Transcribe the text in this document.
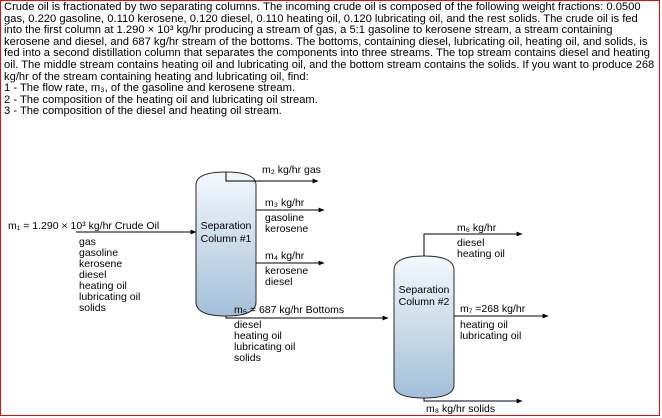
Crude oil is fractionated by two separating columns. The incoming crude oil is composed of the following weight fractions: 0.0500 gas, 0.220 gasoline, 0.110 kerosene, 0.120 diesel, 0.110 heating oil, 0.120 lubricating oil, and the rest solids. The crude oil is fed into the first column at 1.290 × 10³ kg/hr producing a stream of gas, a 5:1 gasoline to kerosene stream, a stream containing kerosene and diesel, and 687 kg/hr stream of the bottoms. The bottoms, containing diesel, lubricating oil, heating oil, and solids, is fed into a second distillation column that separates the components into three streams. The top stream contains diesel and heating oil. The middle stream contains heating oil and lubricating oil, and the bottom stream contains the solids. If you want to produce 268 kg/hr of the stream containing heating and lubricating oil, find:

1 - The flow rate, m₃, of the gasoline and kerosene stream.

2 - The composition of the heating oil and lubricating oil stream.

3 - The composition of the diesel and heating oil stream.

Separation
Column #1
Separation
Column #2
m₁ = 1.290 × 10³ kg/hr Crude Oil
gas
gasoline
kerosene
diesel
heating oil
lubricating oil
solids
m₂ kg/hr gas
m₃ kg/hr
gasoline
kerosene
m₄ kg/hr
kerosene
diesel
m₅ = 687 kg/hr Bottoms
diesel
heating oil
lubricating oil
solids
m₆ kg/hr
diesel
heating oil
m₇ =268 kg/hr
heating oil
lubricating oil
m₈ kg/hr solids
